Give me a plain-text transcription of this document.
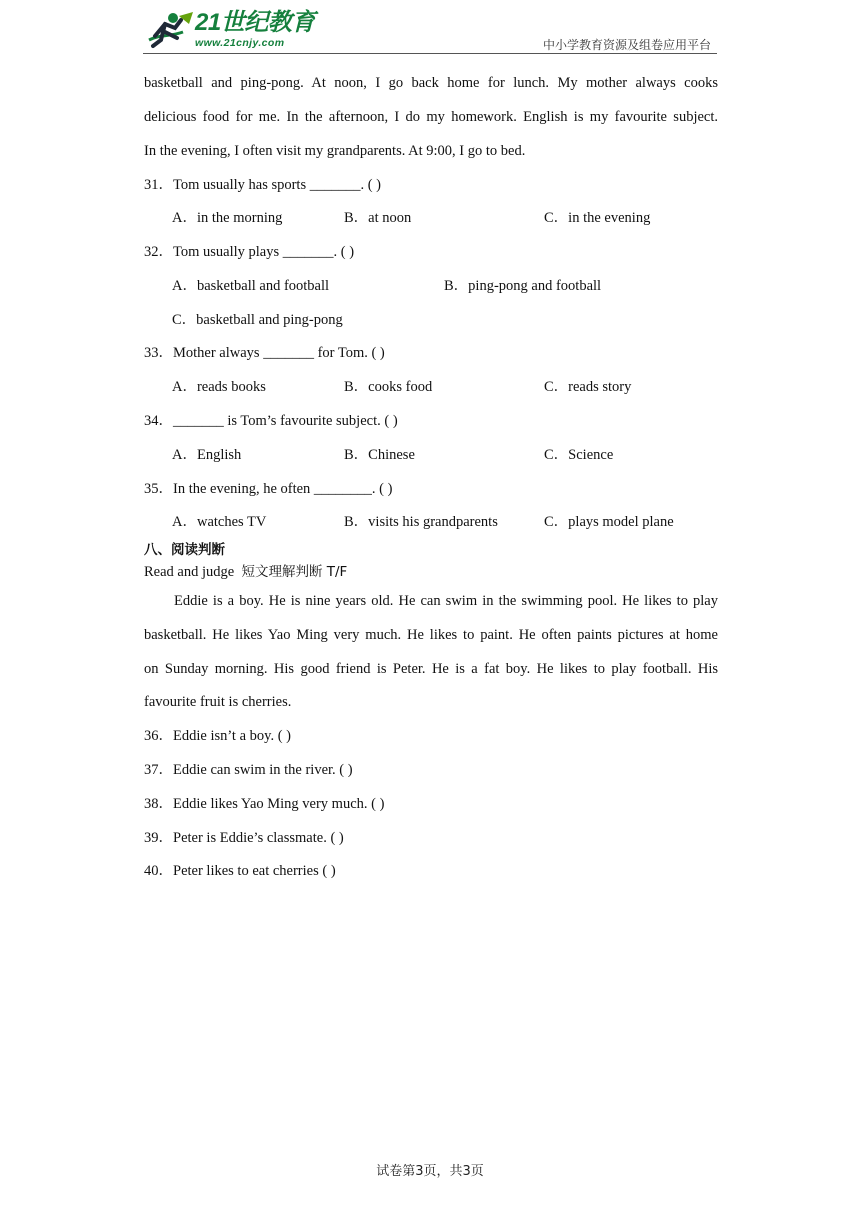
21世纪教育
www.21cnjy.com	中小学教育资源及组卷应用平台
basketball and ping-pong. At noon, I go back home for lunch. My mother always cooks
delicious food for me. In the afternoon, I do my homework. English is my favourite subject.
In the evening, I often visit my grandparents. At 9:00, I go to bed.
31．Tom usually has sports _______. ( )
A．in the morning	B．at noon	C．in the evening
32．Tom usually plays _______. ( )
A．basketball and football	B．ping-pong and football
C．basketball and ping-pong
33．Mother always _______ for Tom. ( )
A．reads books	B．cooks food	C．reads story
34．_______ is Tom’s favourite subject. ( )
A．English	B．Chinese	C．Science
35．In the evening, he often ________. ( )
A．watches TV	B．visits his grandparents	C．plays model plane
八、阅读判断
Read and judge 短文理解判断 T/F
Eddie is a boy. He is nine years old. He can swim in the swimming pool. He likes to play
basketball. He likes Yao Ming very much. He likes to paint. He often paints pictures at home
on Sunday morning. His good friend is Peter. He is a fat boy. He likes to play football. His
favourite fruit is cherries.
36．Eddie isn’t a boy. ( )
37．Eddie can swim in the river. ( )
38．Eddie likes Yao Ming very much. ( )
39．Peter is Eddie’s classmate. ( )
40．Peter likes to eat cherries ( )
试卷第3页，共3页
